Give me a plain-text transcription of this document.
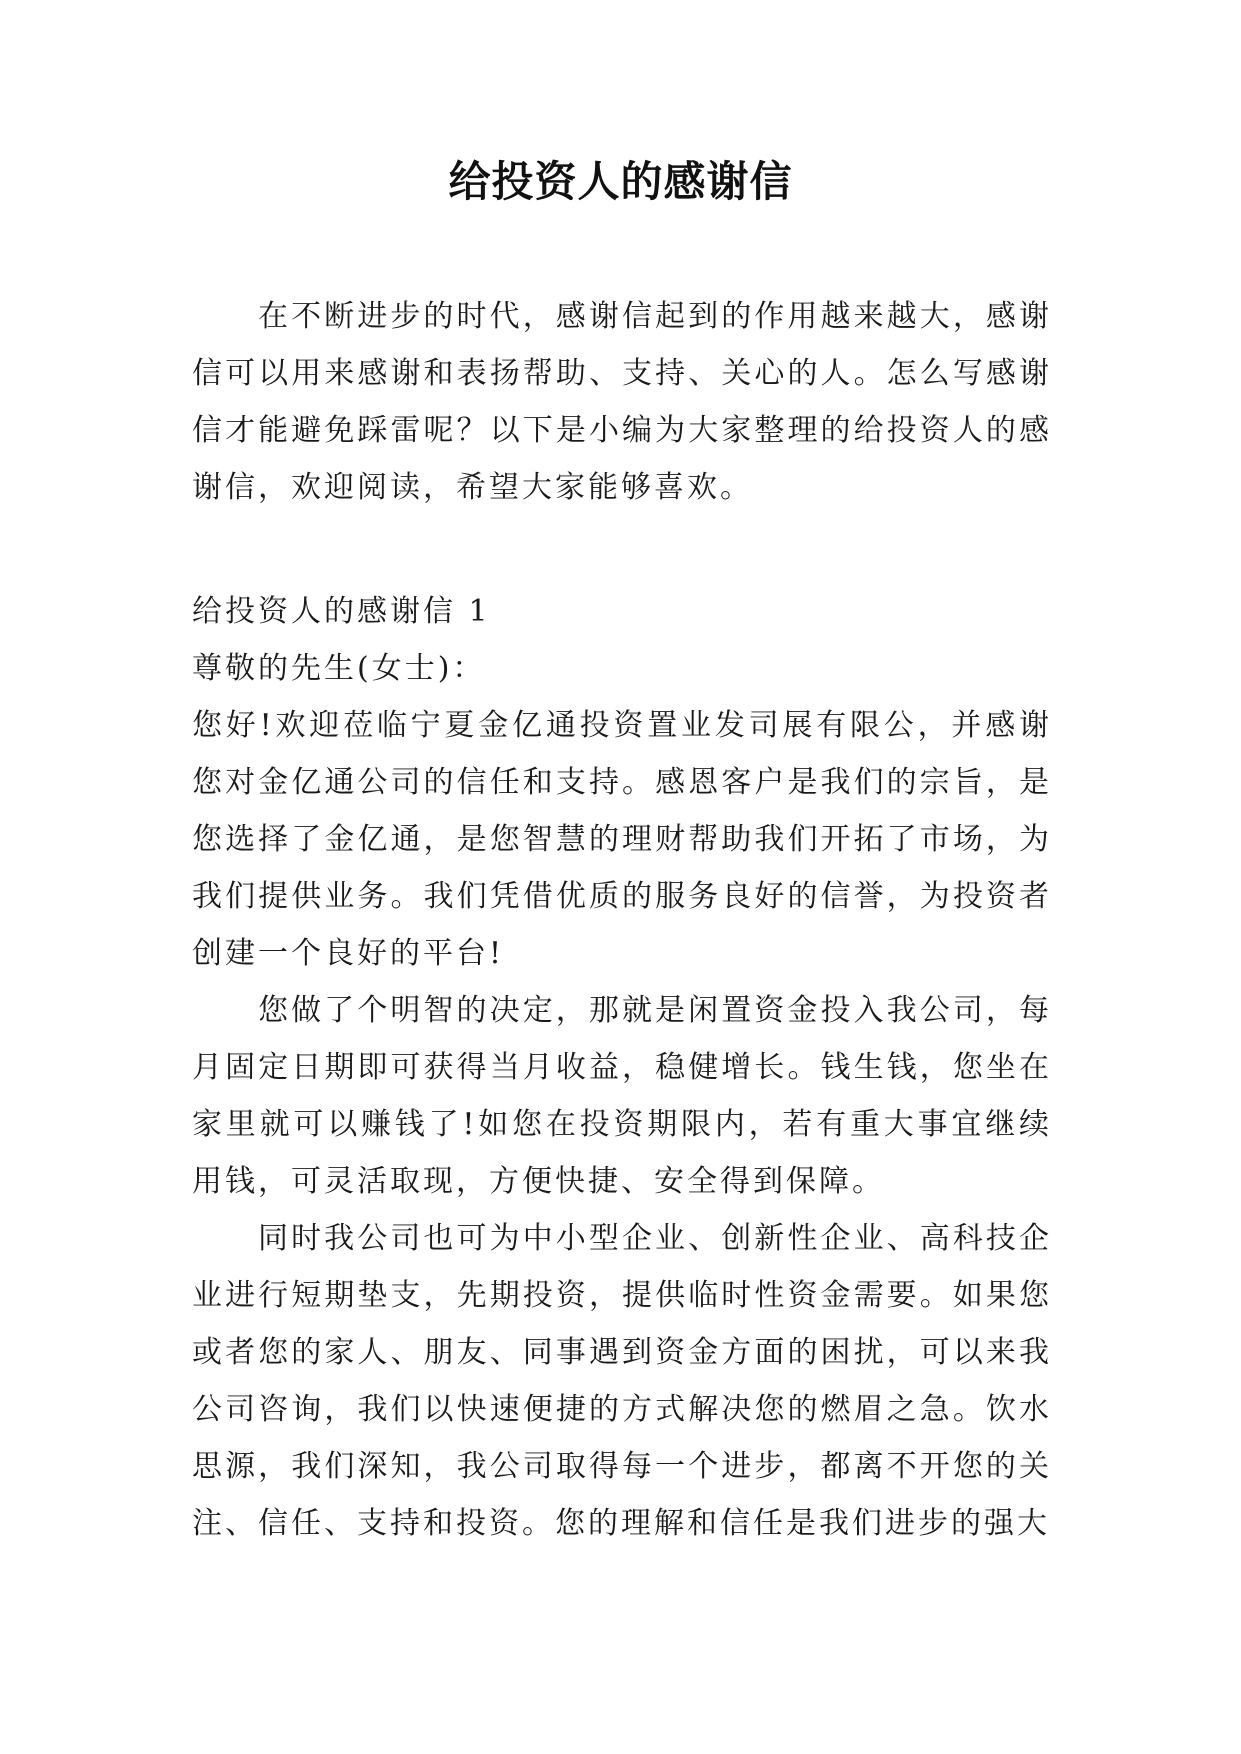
给投资人的感谢信

在不断进步的时代，感谢信起到的作用越来越大，感谢信可以用来感谢和表扬帮助、支持、关心的人。怎么写感谢信才能避免踩雷呢？以下是小编为大家整理的给投资人的感谢信，欢迎阅读，希望大家能够喜欢。

给投资人的感谢信 1

尊敬的先生(女士)：

您好!欢迎莅临宁夏金亿通投资置业发司展有限公，并感谢您对金亿通公司的信任和支持。感恩客户是我们的宗旨，是您选择了金亿通，是您智慧的理财帮助我们开拓了市场，为我们提供业务。我们凭借优质的服务良好的信誉，为投资者创建一个良好的平台!

您做了个明智的决定，那就是闲置资金投入我公司，每月固定日期即可获得当月收益，稳健增长。钱生钱，您坐在家里就可以赚钱了!如您在投资期限内，若有重大事宜继续用钱，可灵活取现，方便快捷、安全得到保障。

同时我公司也可为中小型企业、创新性企业、高科技企业进行短期垫支，先期投资，提供临时性资金需要。如果您或者您的家人、朋友、同事遇到资金方面的困扰，可以来我公司咨询，我们以快速便捷的方式解决您的燃眉之急。饮水思源，我们深知，我公司取得每一个进步，都离不开您的关注、信任、支持和投资。您的理解和信任是我们进步的强大
